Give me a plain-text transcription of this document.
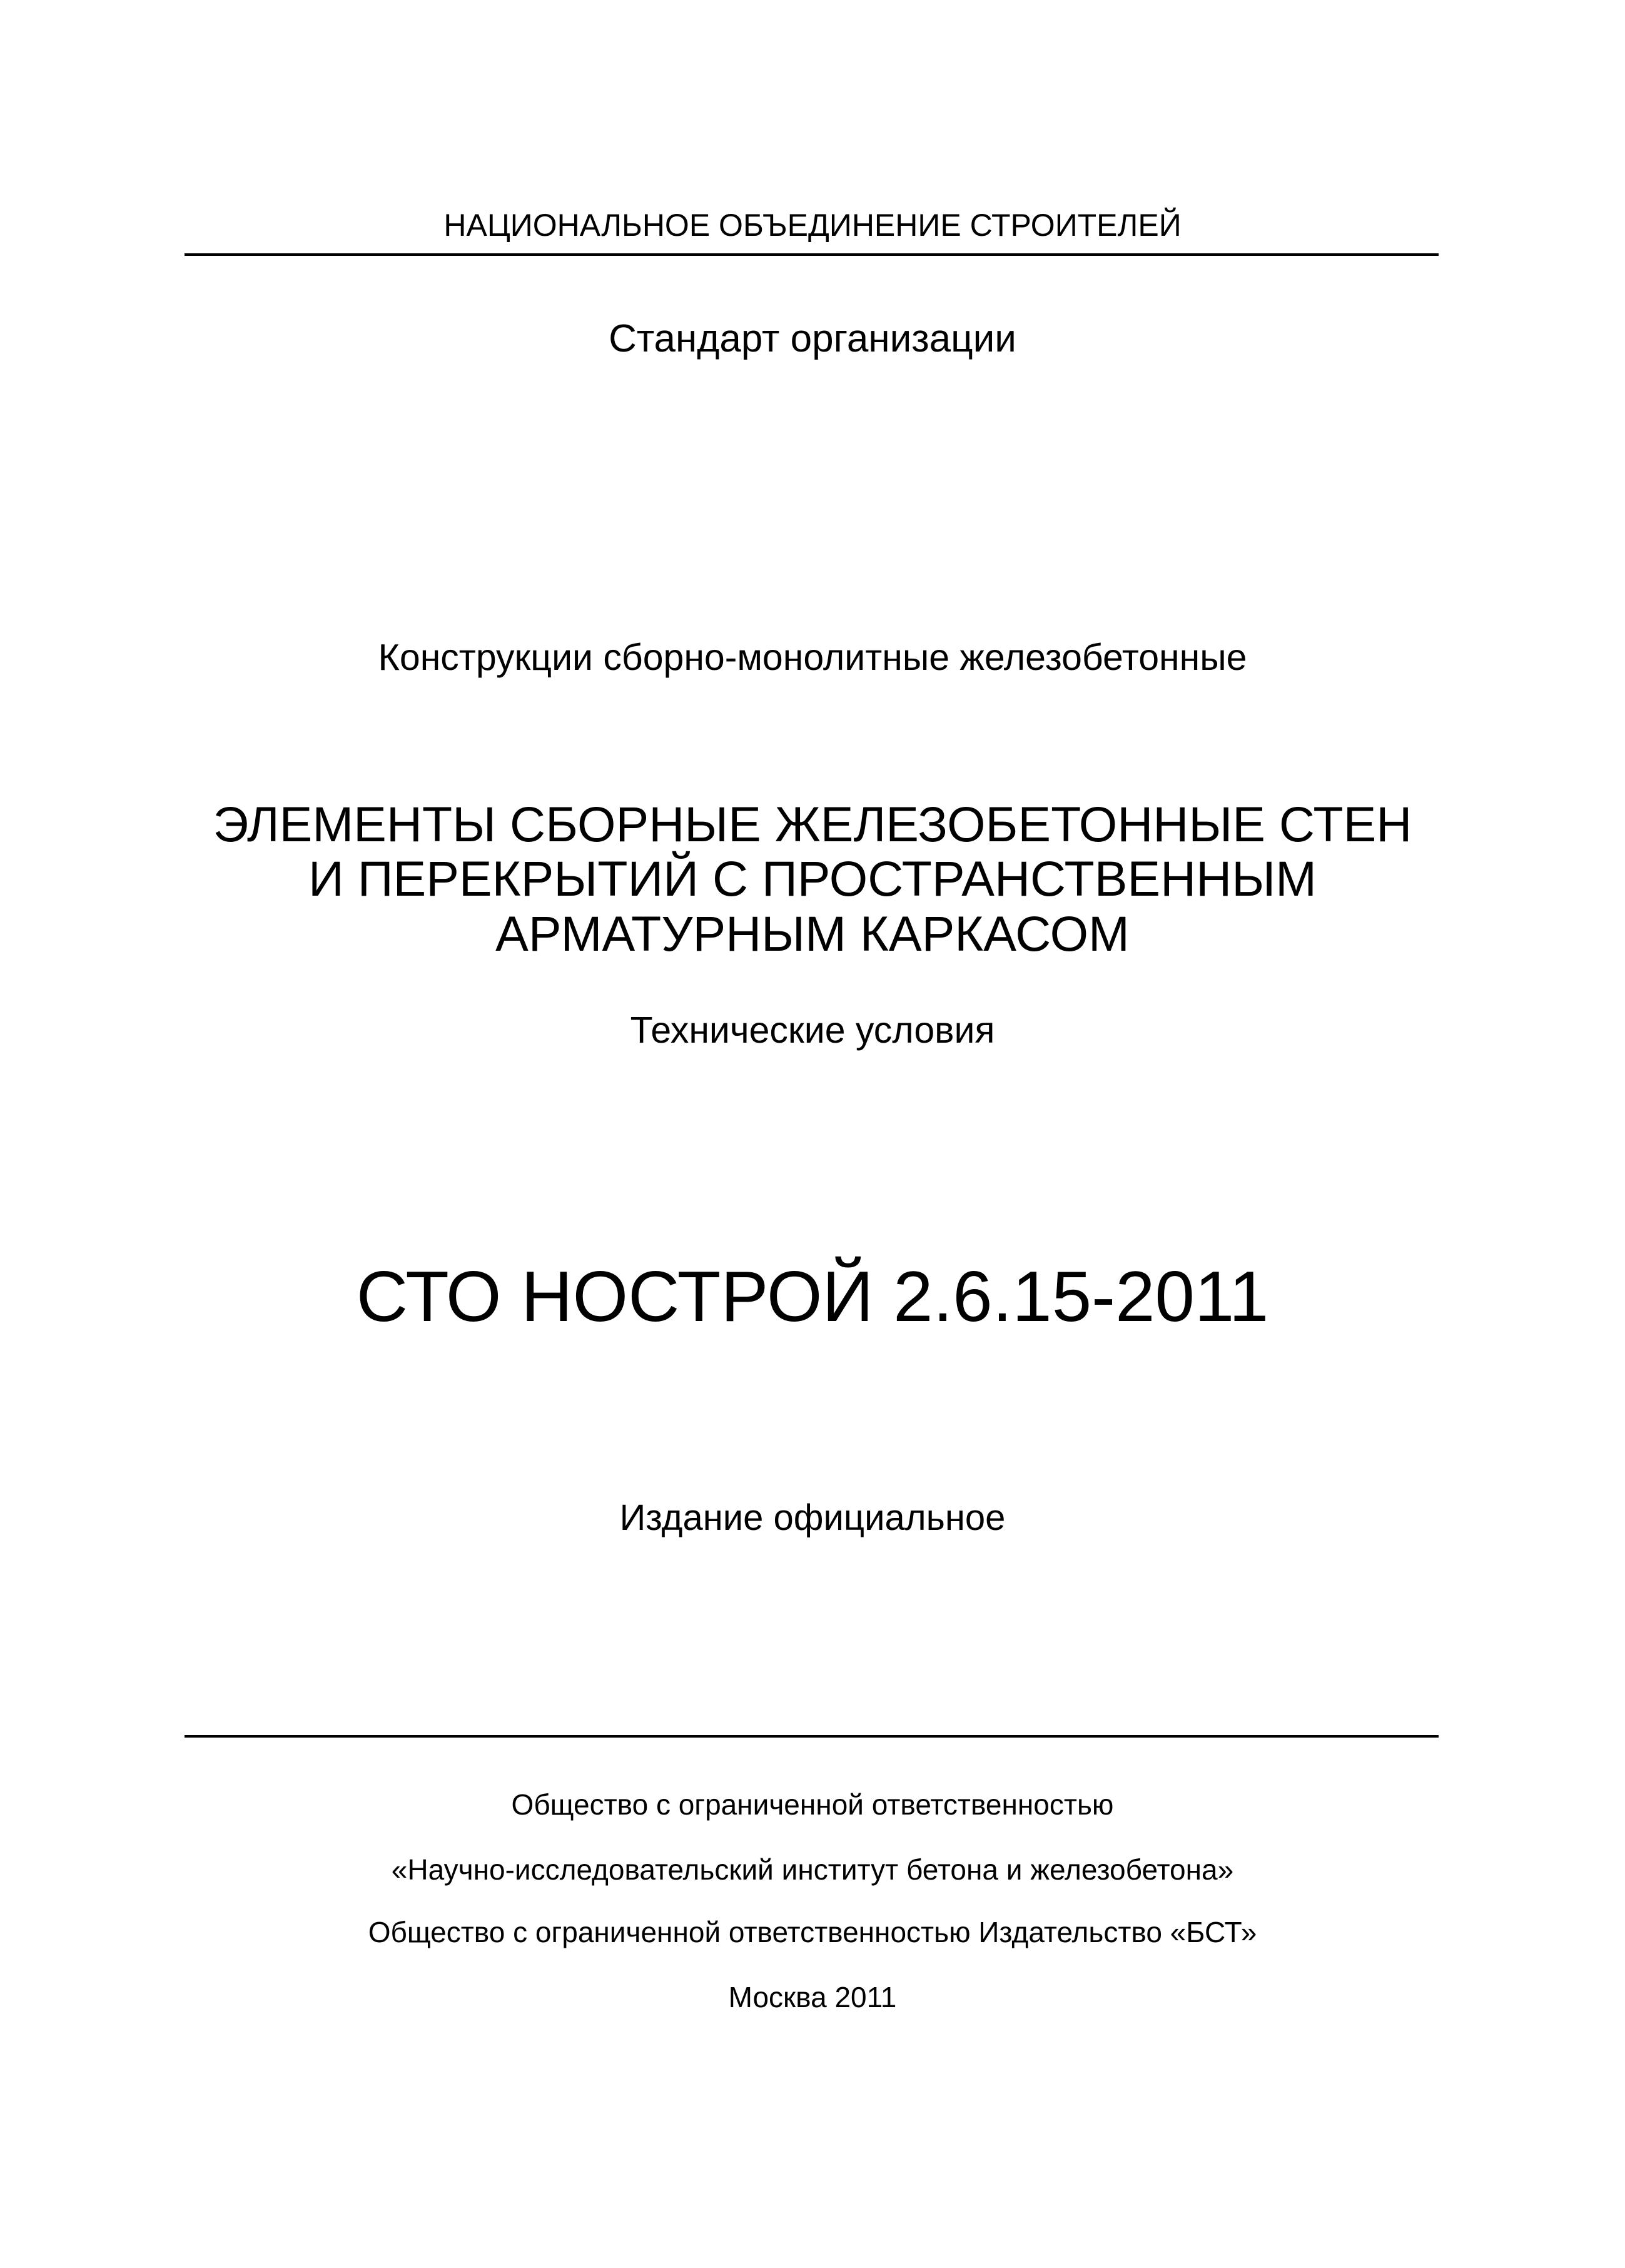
НАЦИОНАЛЬНОЕ ОБЪЕДИНЕНИЕ СТРОИТЕЛЕЙ
Стандарт организации
Конструкции сборно-монолитные железобетонные
ЭЛЕМЕНТЫ СБОРНЫЕ ЖЕЛЕЗОБЕТОННЫЕ СТЕН
И ПЕРЕКРЫТИЙ С ПРОСТРАНСТВЕННЫМ
АРМАТУРНЫМ КАРКАСОМ
Технические условия
СТО НОСТРОЙ 2.6.15-2011
Издание официальное
Общество с ограниченной ответственностью
«Научно-исследовательский институт бетона и железобетона»
Общество с ограниченной ответственностью Издательство «БСТ»
Москва 2011
